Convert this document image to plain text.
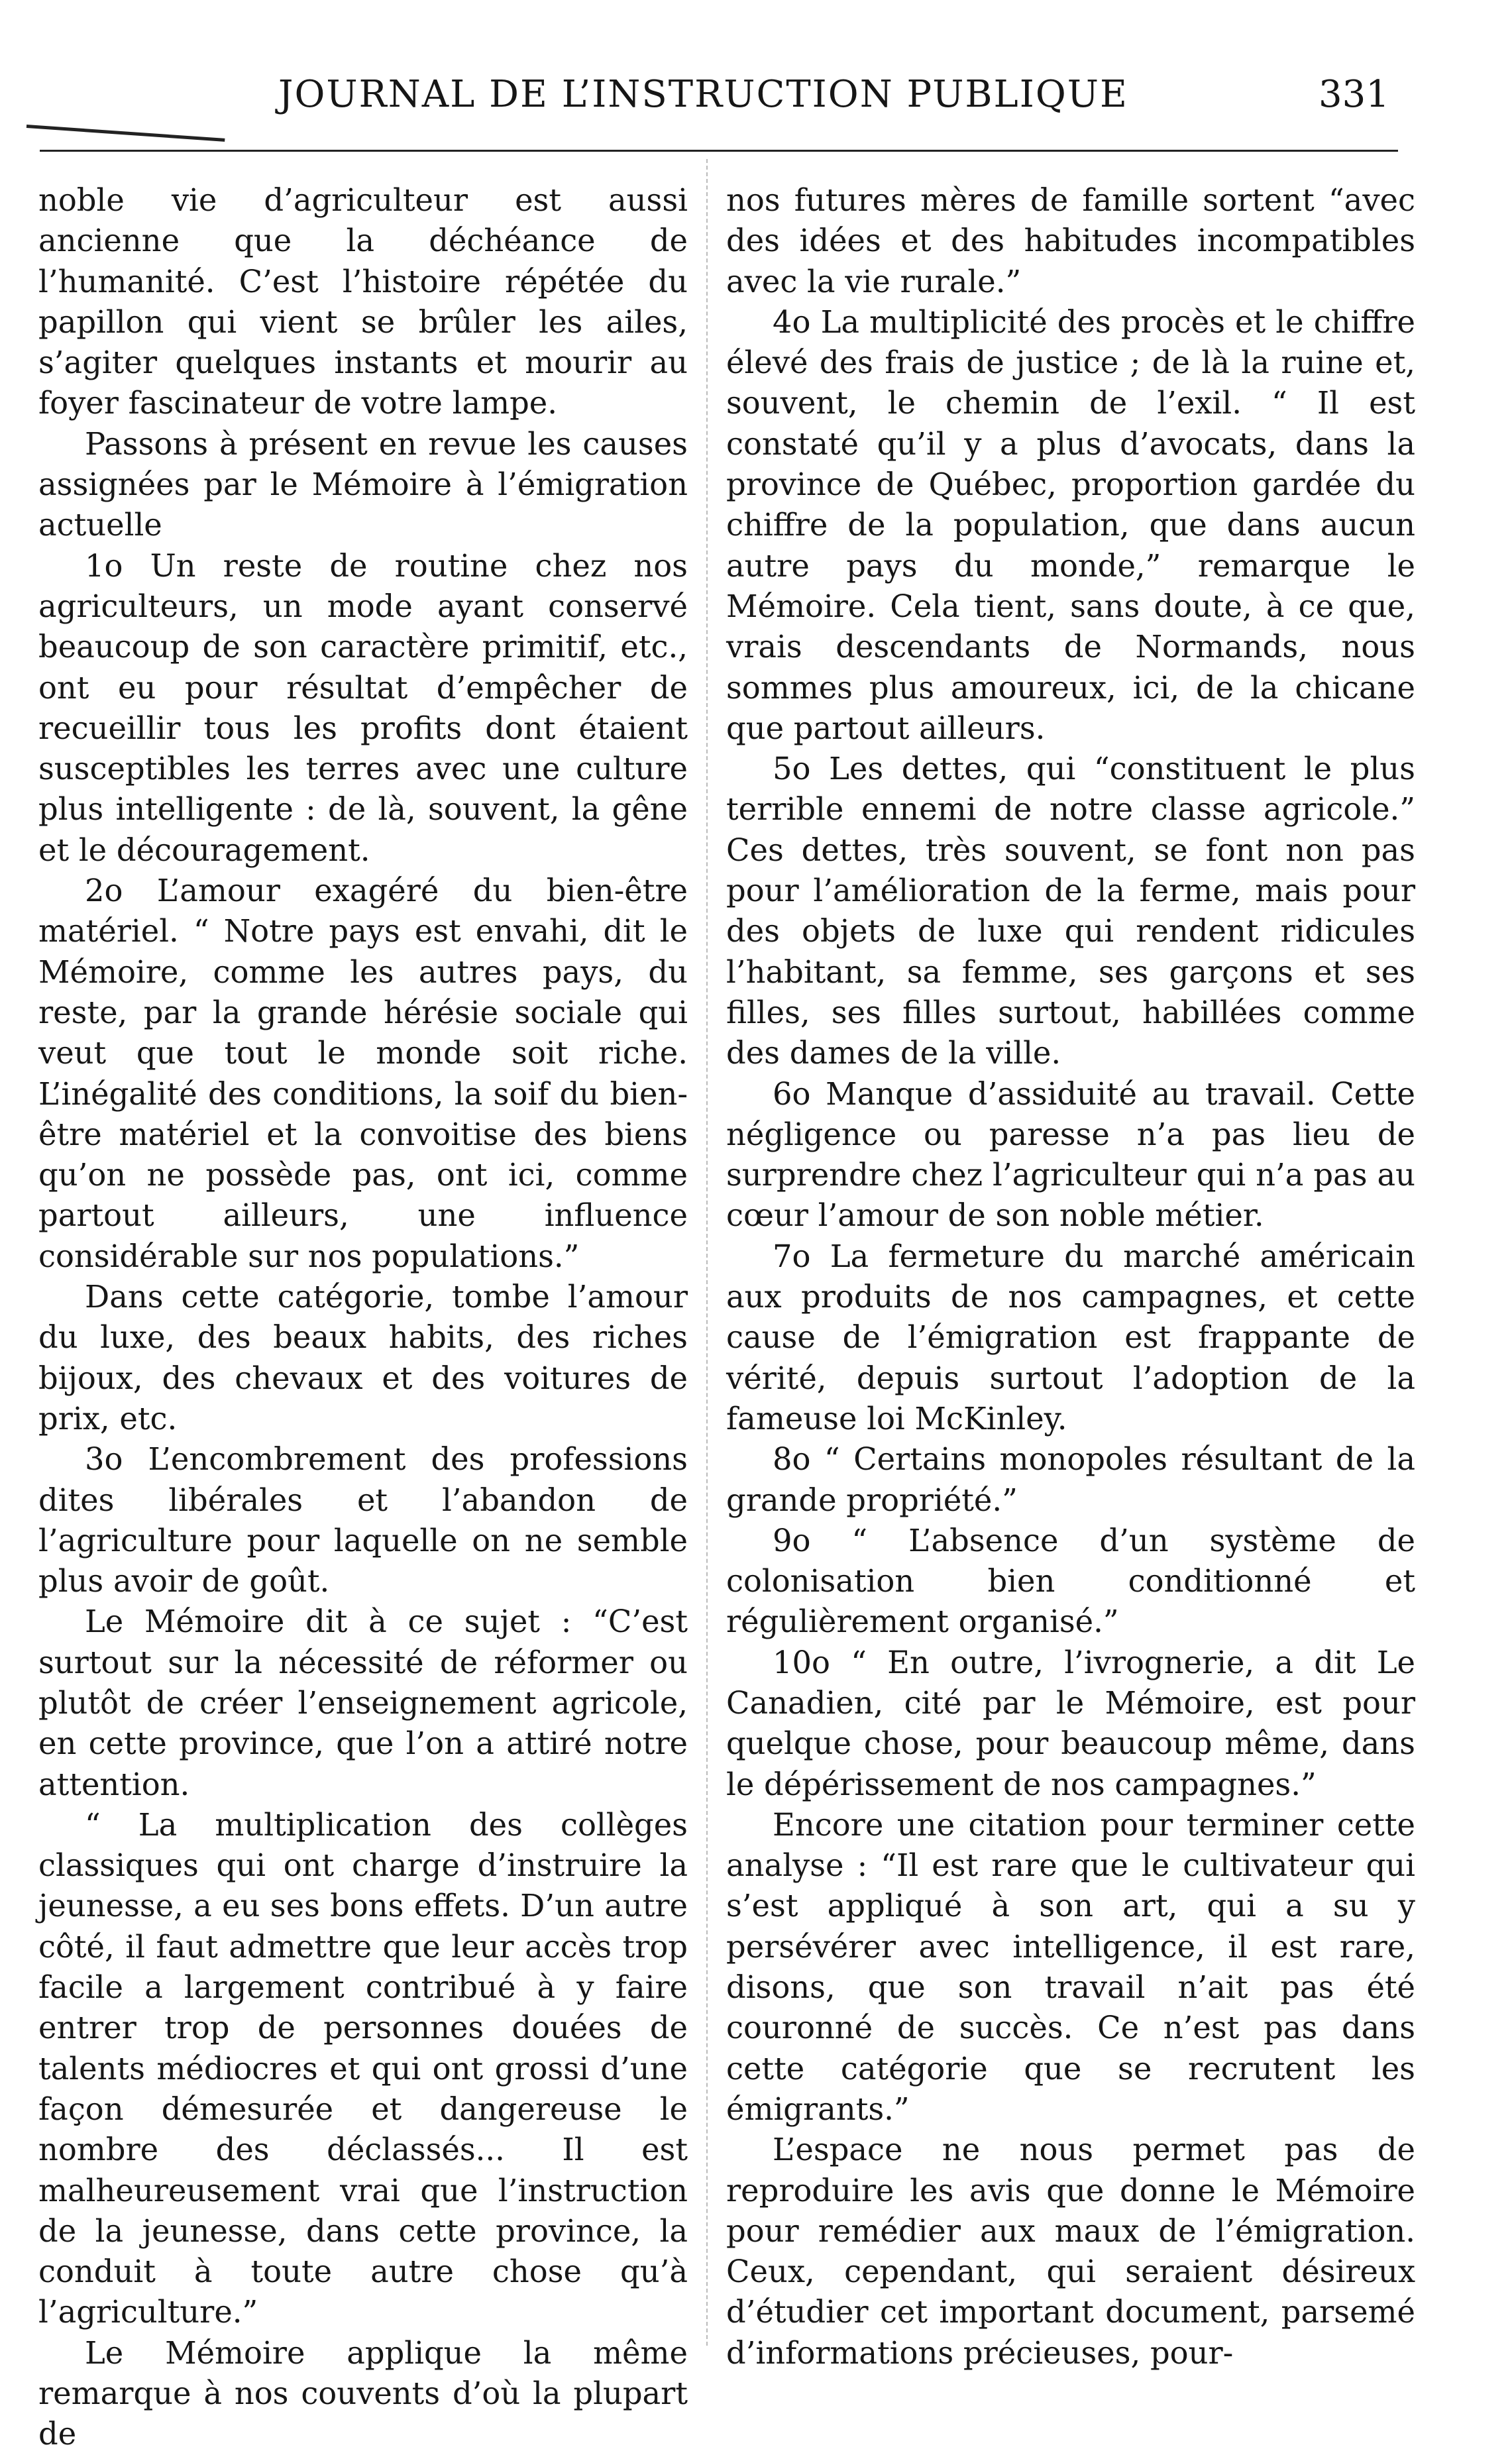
JOURNAL DE L’INSTRUCTION PUBLIQUE	331

noble vie d’agriculteur est aussi ancienne que la déchéance de l’humanité. C’est l’histoire répétée du papillon qui vient se brûler les ailes, s’agiter quelques instants et mourir au foyer fascinateur de votre lampe.

Passons à présent en revue les causes assignées par le Mémoire à l’émigration actuelle

1o Un reste de routine chez nos agriculteurs, un mode ayant conservé beaucoup de son caractère primitif, etc., ont eu pour résultat d’empêcher de recueillir tous les profits dont étaient susceptibles les terres avec une culture plus intelligente : de là, souvent, la gêne et le découragement.

2o L’amour exagéré du bien-être matériel. “ Notre pays est envahi, dit le Mémoire, comme les autres pays, du reste, par la grande hérésie sociale qui veut que tout le monde soit riche. L’inégalité des conditions, la soif du bien-être matériel et la convoitise des biens qu’on ne possède pas, ont ici, comme partout ailleurs, une influence considérable sur nos populations.”

Dans cette catégorie, tombe l’amour du luxe, des beaux habits, des riches bijoux, des chevaux et des voitures de prix, etc.

3o L’encombrement des professions dites libérales et l’abandon de l’agriculture pour laquelle on ne semble plus avoir de goût.

Le Mémoire dit à ce sujet : “C’est surtout sur la nécessité de réformer ou plutôt de créer l’enseignement agricole, en cette province, que l’on a attiré notre attention.

“ La multiplication des collèges classiques qui ont charge d’instruire la jeunesse, a eu ses bons effets. D’un autre côté, il faut admettre que leur accès trop facile a largement contribué à y faire entrer trop de personnes douées de talents médiocres et qui ont grossi d’une façon démesurée et dangereuse le nombre des déclassés... Il est malheureusement vrai que l’instruction de la jeunesse, dans cette province, la conduit à toute autre chose qu’à l’agriculture.”

Le Mémoire applique la même remarque à nos couvents d’où la plupart de

nos futures mères de famille sortent “avec des idées et des habitudes incompatibles avec la vie rurale.”

4o La multiplicité des procès et le chiffre élevé des frais de justice ; de là la ruine et, souvent, le chemin de l’exil. “ Il est constaté qu’il y a plus d’avocats, dans la province de Québec, proportion gardée du chiffre de la population, que dans aucun autre pays du monde,” remarque le Mémoire. Cela tient, sans doute, à ce que, vrais descendants de Normands, nous sommes plus amoureux, ici, de la chicane que partout ailleurs.

5o Les dettes, qui “constituent le plus terrible ennemi de notre classe agricole.” Ces dettes, très souvent, se font non pas pour l’amélioration de la ferme, mais pour des objets de luxe qui rendent ridicules l’habitant, sa femme, ses garçons et ses filles, ses filles surtout, habillées comme des dames de la ville.

6o Manque d’assiduité au travail. Cette négligence ou paresse n’a pas lieu de surprendre chez l’agriculteur qui n’a pas au cœur l’amour de son noble métier.

7o La fermeture du marché américain aux produits de nos campagnes, et cette cause de l’émigration est frappante de vérité, depuis surtout l’adoption de la fameuse loi McKinley.

8o “ Certains monopoles résultant de la grande propriété.”

9o “ L’absence d’un système de colonisation bien conditionné et régulièrement organisé.”

10o “ En outre, l’ivrognerie, a dit Le Canadien, cité par le Mémoire, est pour quelque chose, pour beaucoup même, dans le dépérissement de nos campagnes.”

Encore une citation pour terminer cette analyse : “Il est rare que le cultivateur qui s’est appliqué à son art, qui a su y persévérer avec intelligence, il est rare, disons, que son travail n’ait pas été couronné de succès. Ce n’est pas dans cette catégorie que se recrutent les émigrants.”

L’espace ne nous permet pas de reproduire les avis que donne le Mémoire pour remédier aux maux de l’émigration. Ceux, cependant, qui seraient désireux d’étudier cet important document, parsemé d’informations précieuses, pour-
